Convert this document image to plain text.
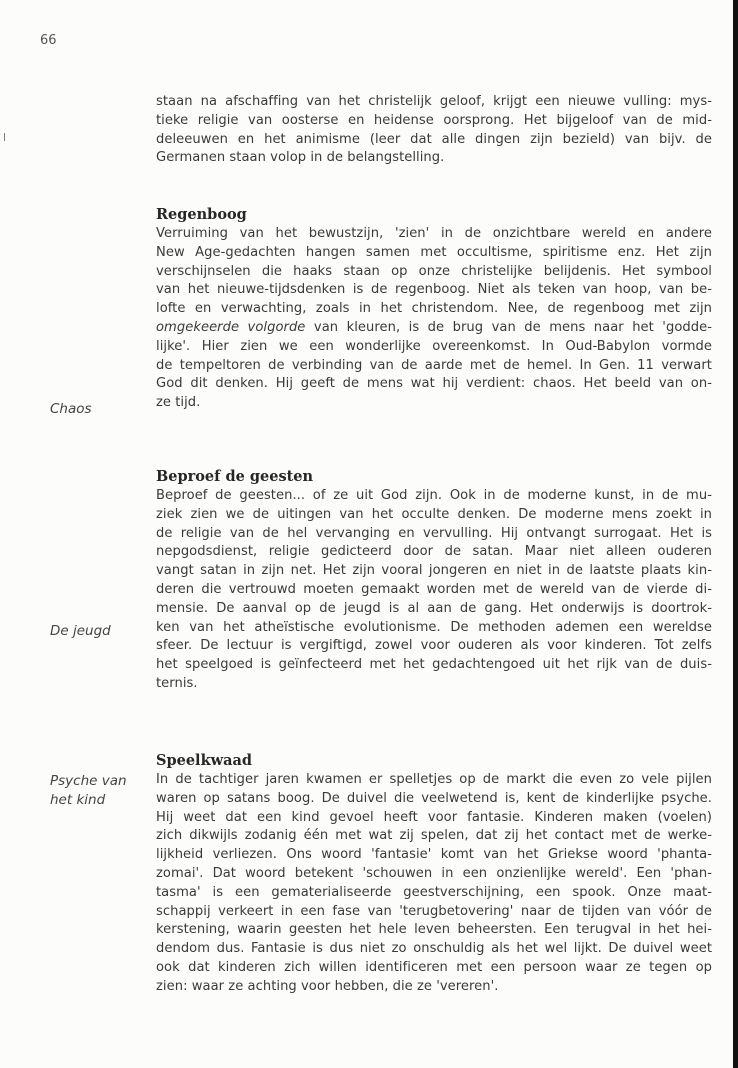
66
staan na afschaffing van het christelijk geloof, krijgt een nieuwe vulling: mys-
tieke religie van oosterse en heidense oorsprong. Het bijgeloof van de mid-
deleeuwen en het animisme (leer dat alle dingen zijn bezield) van bijv. de
Germanen staan volop in de belangstelling.
Regenboog
Verruiming van het bewustzijn, 'zien' in de onzichtbare wereld en andere
New Age-gedachten hangen samen met occultisme, spiritisme enz. Het zijn
verschijnselen die haaks staan op onze christelijke belijdenis. Het symbool
van het nieuwe-tijdsdenken is de regenboog. Niet als teken van hoop, van be-
lofte en verwachting, zoals in het christendom. Nee, de regenboog met zijn
omgekeerde volgorde van kleuren, is de brug van de mens naar het 'godde-
lijke'. Hier zien we een wonderlijke overeenkomst. In Oud-Babylon vormde
de tempeltoren de verbinding van de aarde met de hemel. In Gen. 11 verwart
God dit denken. Hij geeft de mens wat hij verdient: chaos. Het beeld van on-
ze tijd.
Chaos
Beproef de geesten
Beproef de geesten... of ze uit God zijn. Ook in de moderne kunst, in de mu-
ziek zien we de uitingen van het occulte denken. De moderne mens zoekt in
de religie van de hel vervanging en vervulling. Hij ontvangt surrogaat. Het is
nepgodsdienst, religie gedicteerd door de satan. Maar niet alleen ouderen
vangt satan in zijn net. Het zijn vooral jongeren en niet in de laatste plaats kin-
deren die vertrouwd moeten gemaakt worden met de wereld van de vierde di-
mensie. De aanval op de jeugd is al aan de gang. Het onderwijs is doortrok-
ken van het atheïstische evolutionisme. De methoden ademen een wereldse
sfeer. De lectuur is vergiftigd, zowel voor ouderen als voor kinderen. Tot zelfs
het speelgoed is geïnfecteerd met het gedachtengoed uit het rijk van de duis-
ternis.
De jeugd
Speelkwaad
In de tachtiger jaren kwamen er spelletjes op de markt die even zo vele pijlen
waren op satans boog. De duivel die veelwetend is, kent de kinderlijke psyche.
Hij weet dat een kind gevoel heeft voor fantasie. Kinderen maken (voelen)
zich dikwijls zodanig één met wat zij spelen, dat zij het contact met de werke-
lijkheid verliezen. Ons woord 'fantasie' komt van het Griekse woord 'phanta-
zomai'. Dat woord betekent 'schouwen in een onzienlijke wereld'. Een 'phan-
tasma' is een gematerialiseerde geestverschijning, een spook. Onze maat-
schappij verkeert in een fase van 'terugbetovering' naar de tijden van vóór de
kerstening, waarin geesten het hele leven beheersten. Een terugval in het hei-
dendom dus. Fantasie is dus niet zo onschuldig als het wel lijkt. De duivel weet
ook dat kinderen zich willen identificeren met een persoon waar ze tegen op
zien: waar ze achting voor hebben, die ze 'vereren'.
Psyche van
het kind
